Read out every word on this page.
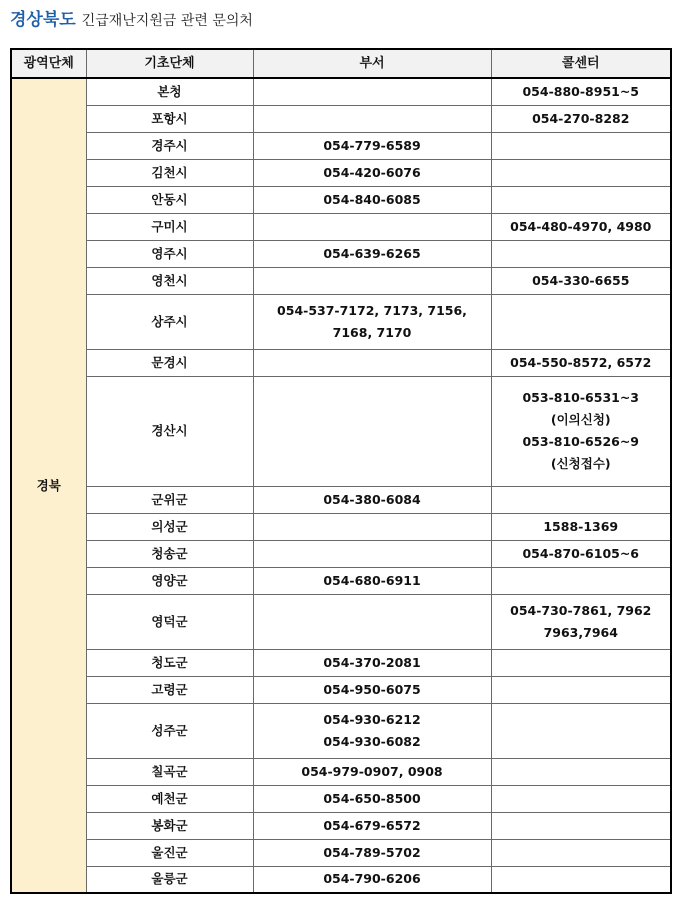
경상북도 긴급재난지원금 관련 문의처
광역단체	기초단체	부서	콜센터
경북	본청		054-880-8951~5

	포항시		054-270-8282

	경주시	054-779-6589	

	김천시	054-420-6076	

	안동시	054-840-6085	

	구미시		054-480-4970, 4980

	영주시	054-639-6265	

	영천시		054-330-6655

	상주시	054-537-7172, 7173, 7156,
7168, 7170	

	문경시		054-550-8572, 6572

	경산시		053-810-6531~3
(이의신청)
053-810-6526~9
(신청접수)

	군위군	054-380-6084	

	의성군		1588-1369

	청송군		054-870-6105~6

	영양군	054-680-6911	

	영덕군		054-730-7861, 7962
7963,7964

	청도군	054-370-2081	

	고령군	054-950-6075	

	성주군	054-930-6212
054-930-6082	

	칠곡군	054-979-0907, 0908	

	예천군	054-650-8500	

	봉화군	054-679-6572	

	울진군	054-789-5702	

	울릉군	054-790-6206	
